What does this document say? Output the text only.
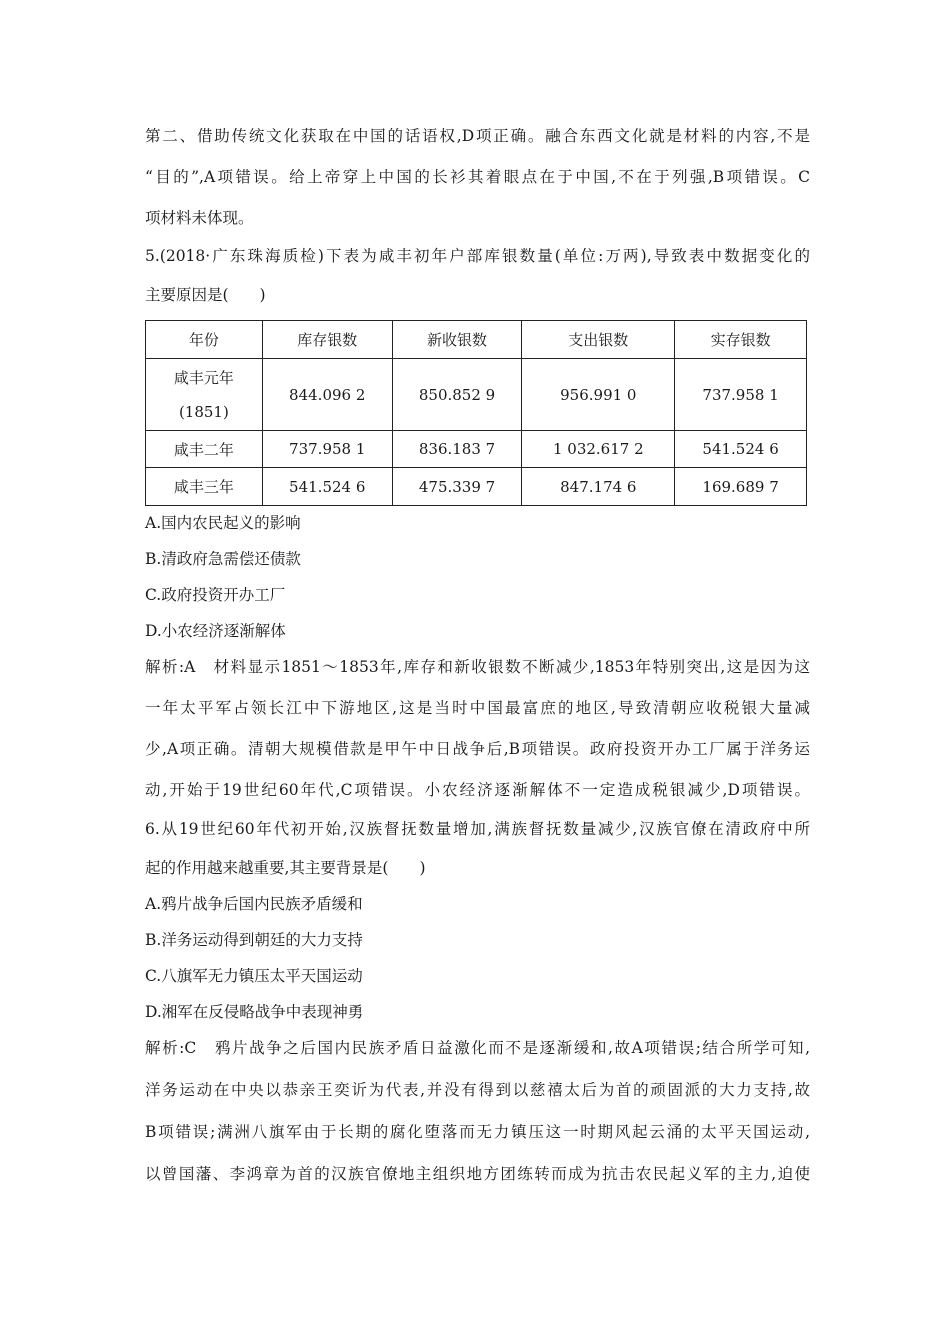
第二、借助传统文化获取在中国的话语权,D项正确。融合东西文化就是材料的内容,不是
“目的”,A项错误。给上帝穿上中国的长衫其着眼点在于中国,不在于列强,B项错误。C
项材料未体现。
5.(2018·广东珠海质检)下表为咸丰初年户部库银数量(单位:万两),导致表中数据变化的
主要原因是(　　)
年份	库存银数	新收银数	支出银数	实存银数

咸丰元年
(1851)	844.096 2	850.852 9	956.991 0	737.958 1
咸丰二年	737.958 1	836.183 7	1 032.617 2	541.524 6
咸丰三年	541.524 6	475.339 7	847.174 6	169.689 7
A.国内农民起义的影响
B.清政府急需偿还债款
C.政府投资开办工厂
D.小农经济逐渐解体
解析:A　材料显示1851～1853年,库存和新收银数不断减少,1853年特别突出,这是因为这
一年太平军占领长江中下游地区,这是当时中国最富庶的地区,导致清朝应收税银大量减
少,A项正确。清朝大规模借款是甲午中日战争后,B项错误。政府投资开办工厂属于洋务运
动,开始于19世纪60年代,C项错误。小农经济逐渐解体不一定造成税银减少,D项错误。
6.从19世纪60年代初开始,汉族督抚数量增加,满族督抚数量减少,汉族官僚在清政府中所
起的作用越来越重要,其主要背景是(　　)
A.鸦片战争后国内民族矛盾缓和
B.洋务运动得到朝廷的大力支持
C.八旗军无力镇压太平天国运动
D.湘军在反侵略战争中表现神勇
解析:C　鸦片战争之后国内民族矛盾日益激化而不是逐渐缓和,故A项错误;结合所学可知,
洋务运动在中央以恭亲王奕䜣为代表,并没有得到以慈禧太后为首的顽固派的大力支持,故
B项错误;满洲八旗军由于长期的腐化堕落而无力镇压这一时期风起云涌的太平天国运动,
以曾国藩、李鸿章为首的汉族官僚地主组织地方团练转而成为抗击农民起义军的主力,迫使
